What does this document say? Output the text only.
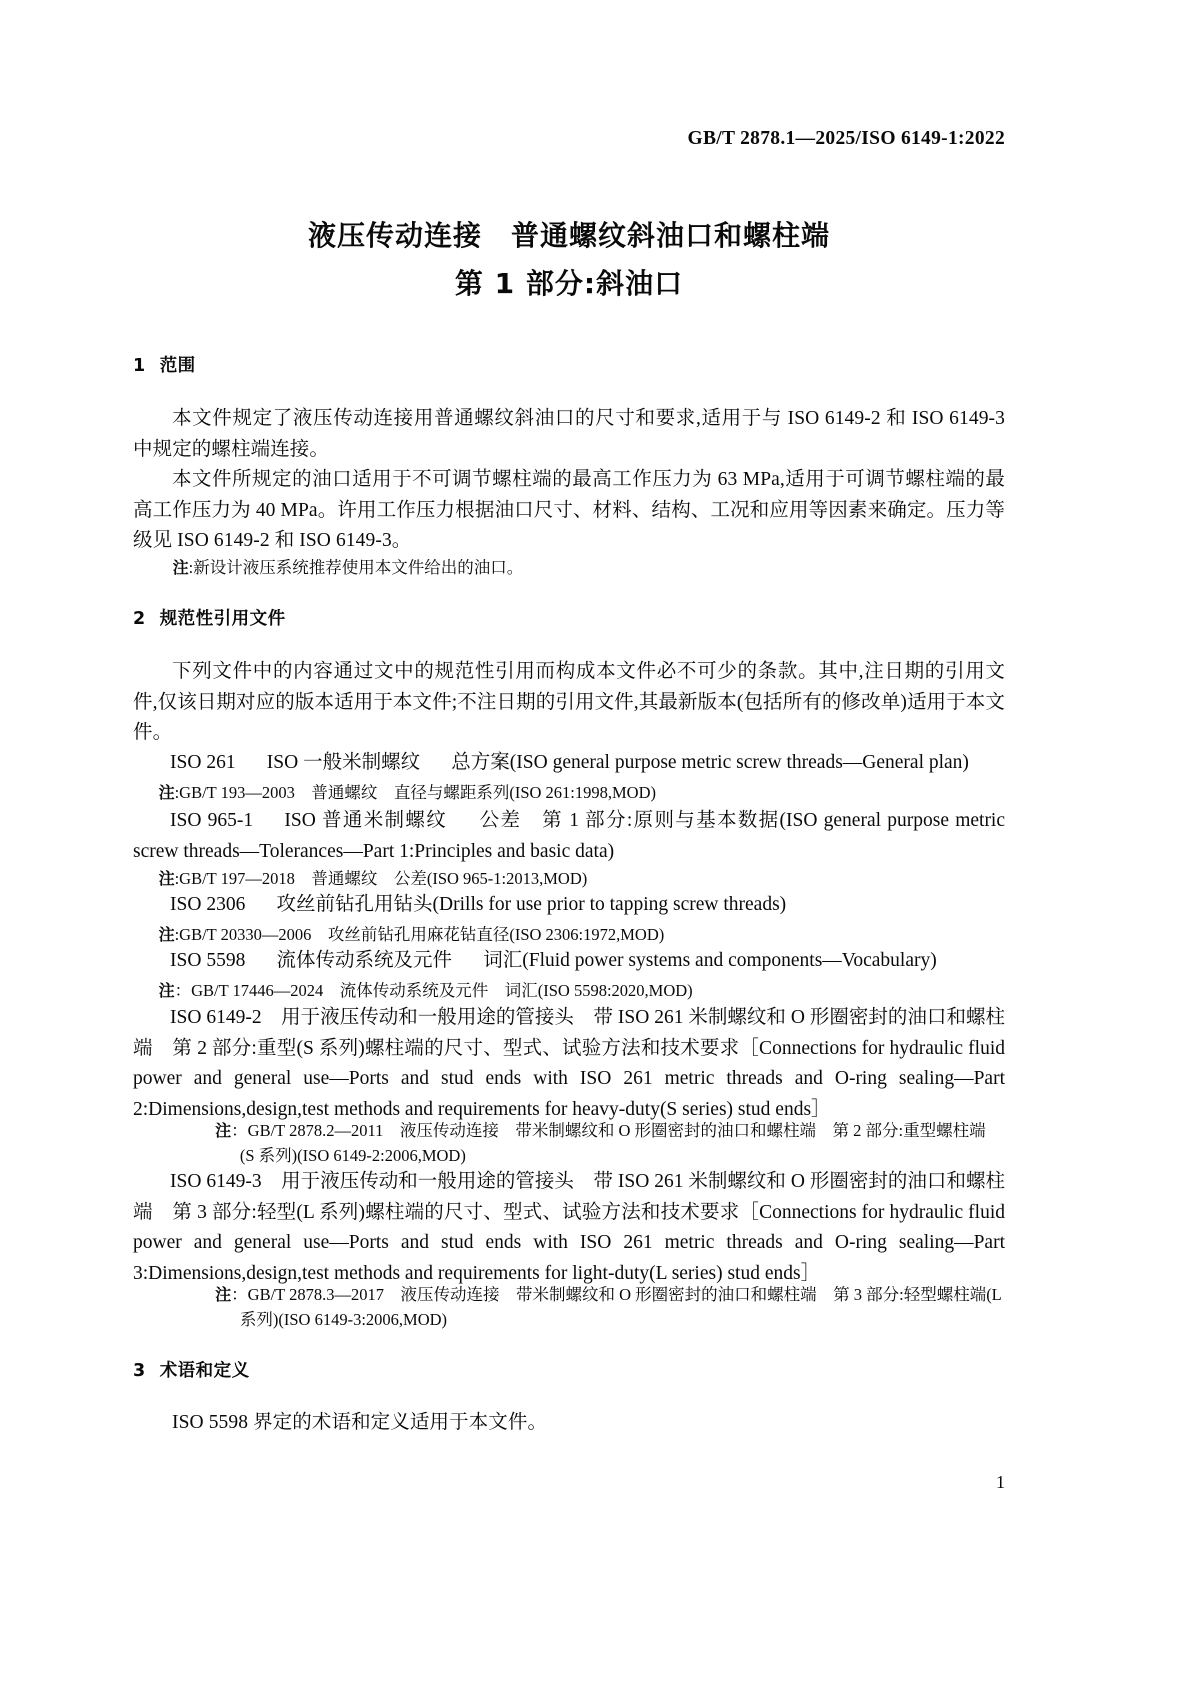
GB/T 2878.1—2025/ISO 6149-1:2022
液压传动连接　普通螺纹斜油口和螺柱端
第 1 部分:斜油口
1 范围
本文件规定了液压传动连接用普通螺纹斜油口的尺寸和要求,适用于与 ISO 6149-2 和 ISO 6149-3 中规定的螺柱端连接。
本文件所规定的油口适用于不可调节螺柱端的最高工作压力为 63 MPa,适用于可调节螺柱端的最高工作压力为 40 MPa。许用工作压力根据油口尺寸、材料、结构、工况和应用等因素来确定。压力等级见 ISO 6149-2 和 ISO 6149-3。
注:新设计液压系统推荐使用本文件给出的油口。
2 规范性引用文件
下列文件中的内容通过文中的规范性引用而构成本文件必不可少的条款。其中,注日期的引用文件,仅该日期对应的版本适用于本文件;不注日期的引用文件,其最新版本(包括所有的修改单)适用于本文件。
ISO 261 ISO 一般米制螺纹 总方案(ISO general purpose metric screw threads—General plan)
注:GB/T 193—2003　普通螺纹　直径与螺距系列(ISO 261:1998,MOD)
ISO 965-1 ISO 普通米制螺纹 公差　第 1 部分:原则与基本数据(ISO general purpose metric screw threads—Tolerances—Part 1:Principles and basic data)
注:GB/T 197—2018　普通螺纹　公差(ISO 965-1:2013,MOD)
ISO 2306 攻丝前钻孔用钻头(Drills for use prior to tapping screw threads)
注:GB/T 20330—2006　攻丝前钻孔用麻花钻直径(ISO 2306:1972,MOD)
ISO 5598 流体传动系统及元件 词汇(Fluid power systems and components—Vocabulary)
注：GB/T 17446—2024　流体传动系统及元件　词汇(ISO 5598:2020,MOD)
ISO 6149-2　用于液压传动和一般用途的管接头　带 ISO 261 米制螺纹和 O 形圈密封的油口和螺柱端　第 2 部分:重型(S 系列)螺柱端的尺寸、型式、试验方法和技术要求［Connections for hydraulic fluid power and general use—Ports and stud ends with ISO 261 metric threads and O-ring sealing—Part 2:Dimensions,design,test methods and requirements for heavy-duty(S series) stud ends］
注：GB/T 2878.2—2011　液压传动连接　带米制螺纹和 O 形圈密封的油口和螺柱端　第 2 部分:重型螺柱端
(S 系列)(ISO 6149-2:2006,MOD)
ISO 6149-3　用于液压传动和一般用途的管接头　带 ISO 261 米制螺纹和 O 形圈密封的油口和螺柱端　第 3 部分:轻型(L 系列)螺柱端的尺寸、型式、试验方法和技术要求［Connections for hydraulic fluid power and general use—Ports and stud ends with ISO 261 metric threads and O-ring sealing—Part 3:Dimensions,design,test methods and requirements for light-duty(L series) stud ends］
注：GB/T 2878.3—2017　液压传动连接　带米制螺纹和 O 形圈密封的油口和螺柱端　第 3 部分:轻型螺柱端(L
系列)(ISO 6149-3:2006,MOD)
3 术语和定义
ISO 5598 界定的术语和定义适用于本文件。
1
